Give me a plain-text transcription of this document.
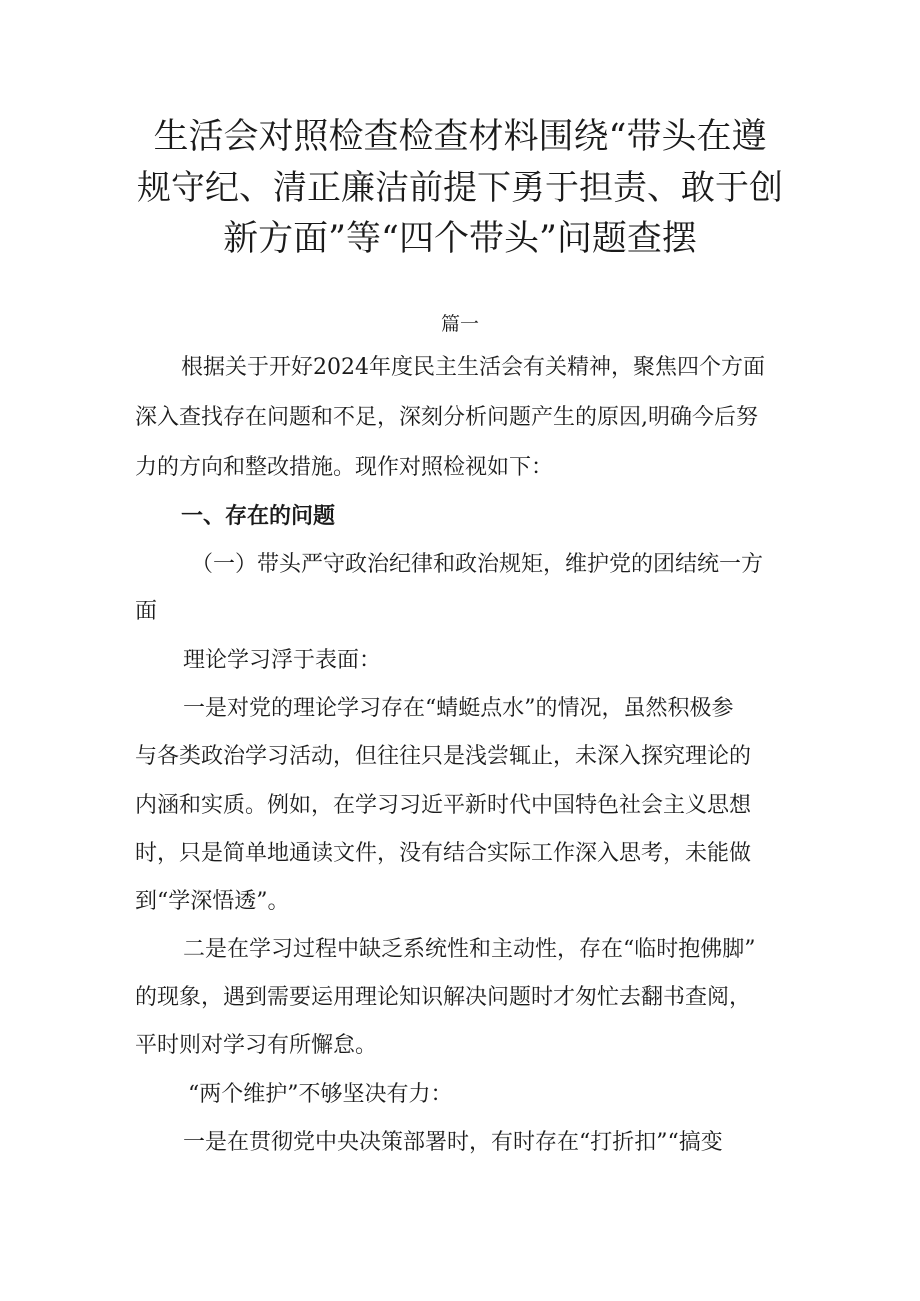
生活会对照检查检查材料围绕“带头在遵
规守纪、清正廉洁前提下勇于担责、敢于创
新方面”等“四个带头”问题查摆
篇一
根据关于开好2024年度民主生活会有关精神，聚焦四个方面
深入查找存在问题和不足，深刻分析问题产生的原因,明确今后努
力的方向和整改措施。现作对照检视如下：
一、存在的问题
（一）带头严守政治纪律和政治规矩，维护党的团结统一方
面
理论学习浮于表面：
一是对党的理论学习存在“蜻蜓点水”的情况，虽然积极参
与各类政治学习活动，但往往只是浅尝辄止，未深入探究理论的
内涵和实质。例如，在学习习近平新时代中国特色社会主义思想
时，只是简单地通读文件，没有结合实际工作深入思考，未能做
到“学深悟透”。
二是在学习过程中缺乏系统性和主动性，存在“临时抱佛脚”
的现象，遇到需要运用理论知识解决问题时才匆忙去翻书查阅，
平时则对学习有所懈怠。
“两个维护”不够坚决有力：
一是在贯彻党中央决策部署时，有时存在“打折扣”“搞变
